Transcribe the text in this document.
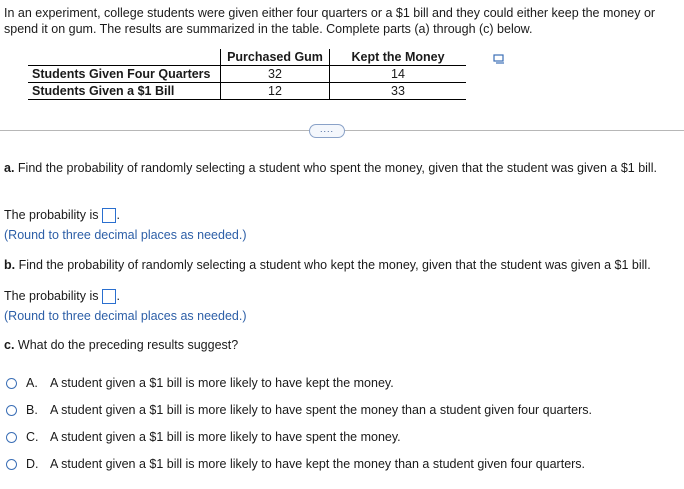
In an experiment, college students were given either four quarters or a $1 bill and they could either keep the money or spend it on gum. The results are summarized in the table. Complete parts (a) through (c) below.
	Purchased Gum	Kept the Money
Students Given Four Quarters	32	14
Students Given a $1 Bill	12	33
....
a. Find the probability of randomly selecting a student who spent the money, given that the student was given a $1 bill.
The probability is .
(Round to three decimal places as needed.)
b. Find the probability of randomly selecting a student who kept the money, given that the student was given a $1 bill.
The probability is .
(Round to three decimal places as needed.)
c. What do the preceding results suggest?
A. A student given a $1 bill is more likely to have kept the money.
B. A student given a $1 bill is more likely to have spent the money than a student given four quarters.
C. A student given a $1 bill is more likely to have spent the money.
D. A student given a $1 bill is more likely to have kept the money than a student given four quarters.
